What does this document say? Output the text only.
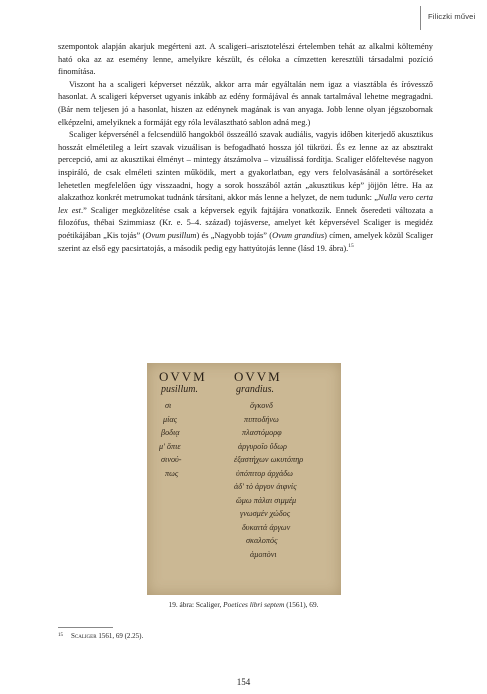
Filiczki művei

szempontok alapján akarjuk megérteni azt. A scaligeri–arisztotelészi értelemben tehát az alkalmi költemény ható oka az az esemény lenne, amelyikre készült, és céloka a címzetten keresztüli társadalmi pozíció finomítása.

Viszont ha a scaligeri képverset nézzük, akkor arra már egyáltalán nem igaz a viasztábla és íróvessző hasonlat. A scaligeri képverset ugyanis inkább az edény formájával és annak tartalmával lehetne megragadni. (Bár nem teljesen jó a hasonlat, hiszen az edénynek magának is van anyaga. Jobb lenne olyan jégszobornak elképzelni, amelyiknek a formáját egy róla leválasztható sablon adná meg.)

Scaliger képversénél a felcsendülő hangokból összeálló szavak audiális, vagyis időben kiterjedő akusztikus hosszát elméletileg a leírt szavak vizuálisan is befogadható hossza jól tükrözi. És ez lenne az az absztrakt percepció, ami az akusztikai élményt – mintegy átszámolva – vizuálissá fordítja. Scaliger előfeltevése nagyon inspiráló, de csak elméleti szinten működik, mert a gyakorlatban, egy vers felolvasásánál a sortöréseket lehetetlen megfelelően úgy visszaadni, hogy a sorok hosszából aztán „akusztikus kép” jöjjön létre. Ha az alakzathoz konkrét metrumokat tudnánk társítani, akkor más lenne a helyzet, de nem tudunk: „Nulla vero certa lex est.” Scaliger megközelítése csak a képversek egyik fajtájára vonatkozik. Ennek őseredeti változata a filozófus, thébai Szimmiasz (Kr. e. 5–4. század) tojásverse, amelyet két képversével Scaliger is megidéz poétikájában „Kis tojás” (Ovum pusillum) és „Nagyobb tojás” (Ovum grandius) címen, amelyek közül Scaliger szerint az első egy pacsirtatojás, a második pedig egy hattyútojás lenne (lásd 19. ábra).$^{15}$

OVVM

pusillum.

σι
μίας
βοδιᾳ
μ' ὅπιε
σινού-
πως

OVVM

grandius.

ὅγκονδ
πιπτοδήνω
πλαστόμορφ
ἀργυροῖο ὕδωρ
ἐξαστήχων ωκυτόπηρ
ὑπόπιτορ ἀρχάδω
ἀδ' τὸ ἀργον ἀιφνίς
ὥμω πάλαι σιμμέμ
γνωσμέν χώδος
δυκαιτά ἀργων
σκαλοπός
ἀμοπὸνι
19. ábra: Scaliger, Poetices libri septem (1561), 69.
$^{15}$ Scaliger 1561, 69 (2.25).
154
